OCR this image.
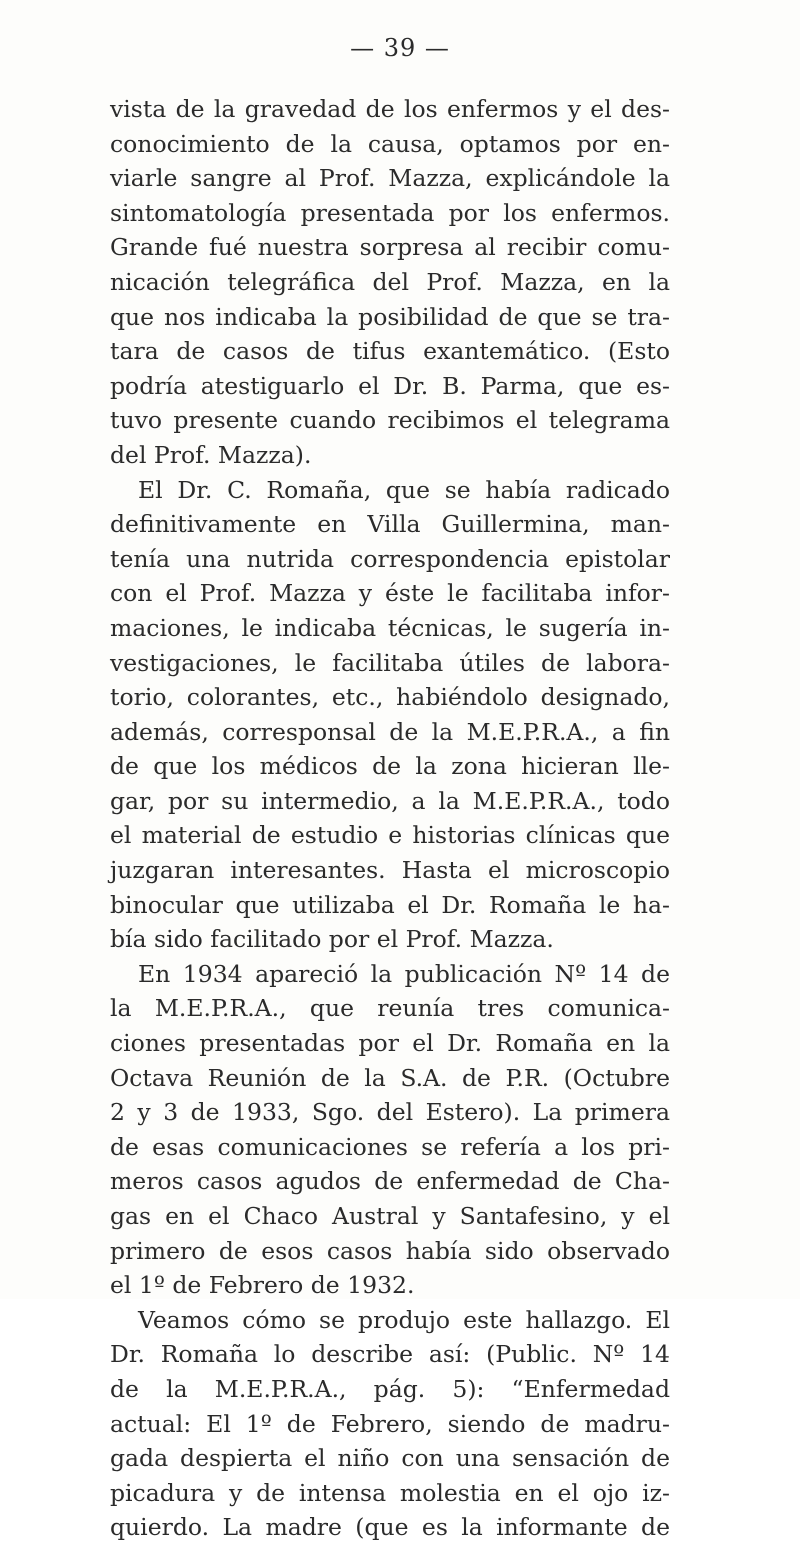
— 39 —
vista de la gravedad de los enfermos y el des-
conocimiento de la causa, optamos por en-
viarle sangre al Prof. Mazza, explicándole la
sintomatología presentada por los enfermos.
Grande fué nuestra sorpresa al recibir comu-
nicación telegráfica del Prof. Mazza, en la
que nos indicaba la posibilidad de que se tra-
tara de casos de tifus exantemático. (Esto
podría atestiguarlo el Dr. B. Parma, que es-
tuvo presente cuando recibimos el telegrama
del Prof. Mazza).
El Dr. C. Romaña, que se había radicado
definitivamente en Villa Guillermina, man-
tenía una nutrida correspondencia epistolar
con el Prof. Mazza y éste le facilitaba infor-
maciones, le indicaba técnicas, le sugería in-
vestigaciones, le facilitaba útiles de labora-
torio, colorantes, etc., habiéndolo designado,
además, corresponsal de la M.E.P.R.A., a fin
de que los médicos de la zona hicieran lle-
gar, por su intermedio, a la M.E.P.R.A., todo
el material de estudio e historias clínicas que
juzgaran interesantes. Hasta el microscopio
binocular que utilizaba el Dr. Romaña le ha-
bía sido facilitado por el Prof. Mazza.
En 1934 apareció la publicación Nº 14 de
la M.E.P.R.A., que reunía tres comunica-
ciones presentadas por el Dr. Romaña en la
Octava Reunión de la S.A. de P.R. (Octubre
2 y 3 de 1933, Sgo. del Estero). La primera
de esas comunicaciones se refería a los pri-
meros casos agudos de enfermedad de Cha-
gas en el Chaco Austral y Santafesino, y el
primero de esos casos había sido observado
el 1º de Febrero de 1932.
Veamos cómo se produjo este hallazgo. El
Dr. Romaña lo describe así: (Public. Nº 14
de la M.E.P.R.A., pág. 5): “Enfermedad
actual: El 1º de Febrero, siendo de madru-
gada despierta el niño con una sensación de
picadura y de intensa molestia en el ojo iz-
quierdo. La madre (que es la informante de
